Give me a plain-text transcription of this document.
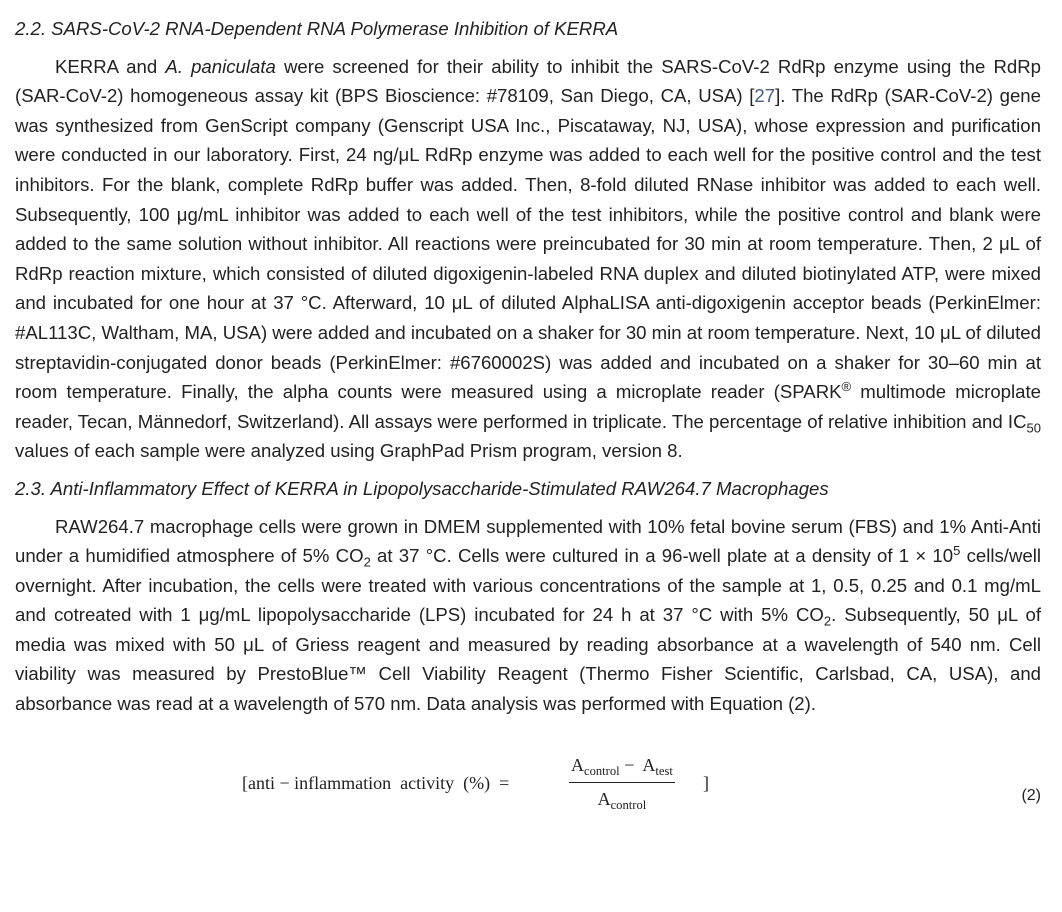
2.2. SARS-CoV-2 RNA-Dependent RNA Polymerase Inhibition of KERRA

KERRA and A. paniculata were screened for their ability to inhibit the SARS-CoV-2 RdRp enzyme using the RdRp (SAR-CoV-2) homogeneous assay kit (BPS Bioscience: #78109, San Diego, CA, USA) [27]. The RdRp (SAR-CoV-2) gene was synthesized from GenScript company (Genscript USA Inc., Piscataway, NJ, USA), whose expression and purification were conducted in our laboratory. First, 24 ng/μL RdRp enzyme was added to each well for the positive control and the test inhibitors. For the blank, complete RdRp buffer was added. Then, 8-fold diluted RNase inhibitor was added to each well. Subsequently, 100 μg/mL inhibitor was added to each well of the test inhibitors, while the positive control and blank were added to the same solution without inhibitor. All reactions were preincubated for 30 min at room temperature. Then, 2 μL of RdRp reaction mixture, which consisted of diluted digoxigenin-labeled RNA duplex and diluted biotinylated ATP, were mixed and incubated for one hour at 37 °C. Afterward, 10 μL of diluted AlphaLISA anti-digoxigenin acceptor beads (PerkinElmer: #AL113C, Waltham, MA, USA) were added and incubated on a shaker for 30 min at room temperature. Next, 10 μL of diluted streptavidin-conjugated donor beads (PerkinElmer: #6760002S) was added and incubated on a shaker for 30–60 min at room temperature. Finally, the alpha counts were measured using a microplate reader (SPARK® multimode microplate reader, Tecan, Männedorf, Switzerland). All assays were performed in triplicate. The percentage of relative inhibition and $IC_{50}$ values of each sample were analyzed using GraphPad Prism program, version 8.

2.3. Anti-Inflammatory Effect of KERRA in Lipopolysaccharide-Stimulated RAW264.7 Macrophages

RAW264.7 macrophage cells were grown in DMEM supplemented with 10% fetal bovine serum (FBS) and 1% Anti-Anti under a humidified atmosphere of 5% $CO_2$ at 37 °C. Cells were cultured in a 96-well plate at a density of $1 \times 10^5$ cells/well overnight. After incubation, the cells were treated with various concentrations of the sample at 1, 0.5, 0.25 and 0.1 mg/mL and cotreated with 1 μg/mL lipopolysaccharide (LPS) incubated for 24 h at 37 °C with 5% $CO_2$. Subsequently, 50 μL of media was mixed with 50 μL of Griess reagent and measured by reading absorbance at a wavelength of 540 nm. Cell viability was measured by PrestoBlue™ Cell Viability Reagent (Thermo Fisher Scientific, Carlsbad, CA, USA), and absorbance was read at a wavelength of 570 nm. Data analysis was performed with Equation (2).

[anti − inflammation  activity  (%)  =
$A_{control} - A_{test}$
$A_{control}$
]
(2)
